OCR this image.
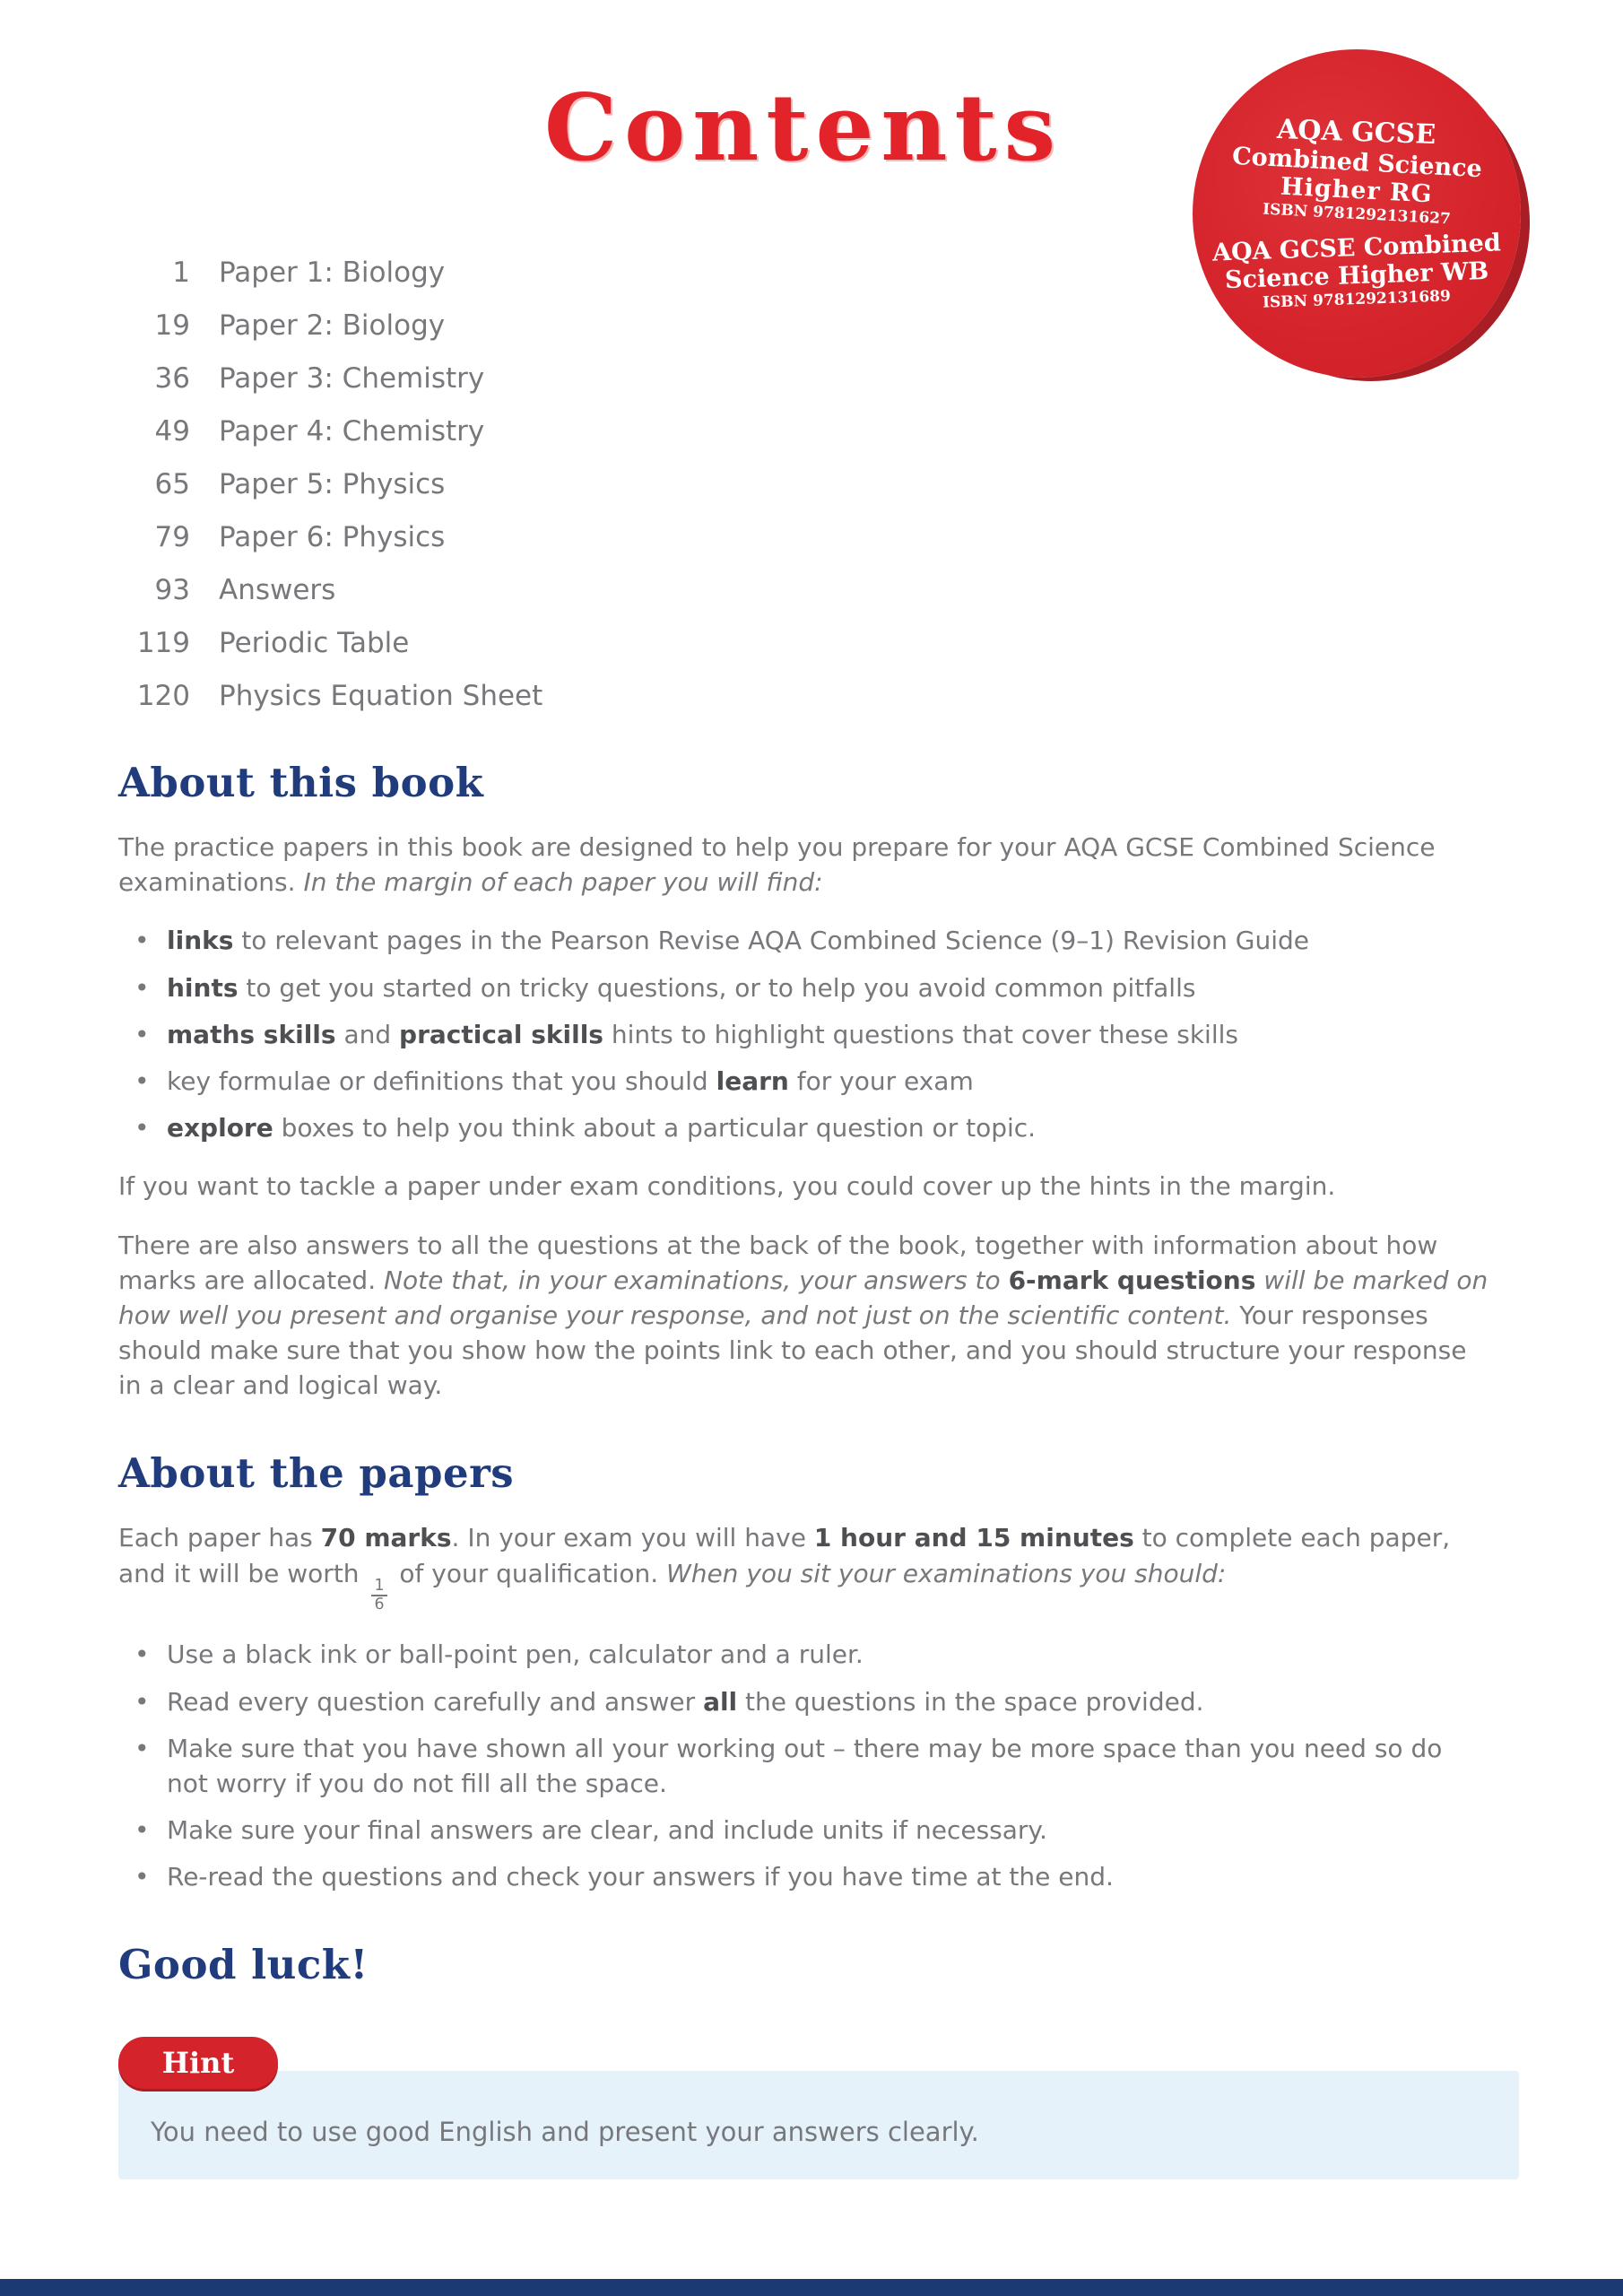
AQA GCSE
Combined Science
Higher RG
ISBN 9781292131627
AQA GCSE Combined
Science Higher WB
ISBN 9781292131689
Contents
1 Paper 1: Biology
19 Paper 2: Biology
36 Paper 3: Chemistry
49 Paper 4: Chemistry
65 Paper 5: Physics
79 Paper 6: Physics
93 Answers
119 Periodic Table
120 Physics Equation Sheet
About this book

The practice papers in this book are designed to help you prepare for your AQA GCSE Combined Science examinations. In the margin of each paper you will find:

• links to relevant pages in the Pearson Revise AQA Combined Science (9–1) Revision Guide
• hints to get you started on tricky questions, or to help you avoid common pitfalls
• maths skills and practical skills hints to highlight questions that cover these skills
• key formulae or definitions that you should learn for your exam
• explore boxes to help you think about a particular question or topic.

If you want to tackle a paper under exam conditions, you could cover up the hints in the margin.

There are also answers to all the questions at the back of the book, together with information about how marks are allocated. Note that, in your examinations, your answers to 6-mark questions will be marked on how well you present and organise your response, and not just on the scientific content. Your responses should make sure that you show how the points link to each other, and you should structure your response in a clear and logical way.

About the papers

Each paper has 70 marks. In your exam you will have 1 hour and 15 minutes to complete each paper, and it will be worth
$\frac{1}{6}$
of your qualification. When you sit your examinations you should:

• Use a black ink or ball-point pen, calculator and a ruler.
• Read every question carefully and answer all the questions in the space provided.
• Make sure that you have shown all your working out – there may be more space than you need so do not worry if you do not fill all the space.
• Make sure your final answers are clear, and include units if necessary.
• Re-read the questions and check your answers if you have time at the end.
Good luck!
Hint
You need to use good English and present your answers clearly.
